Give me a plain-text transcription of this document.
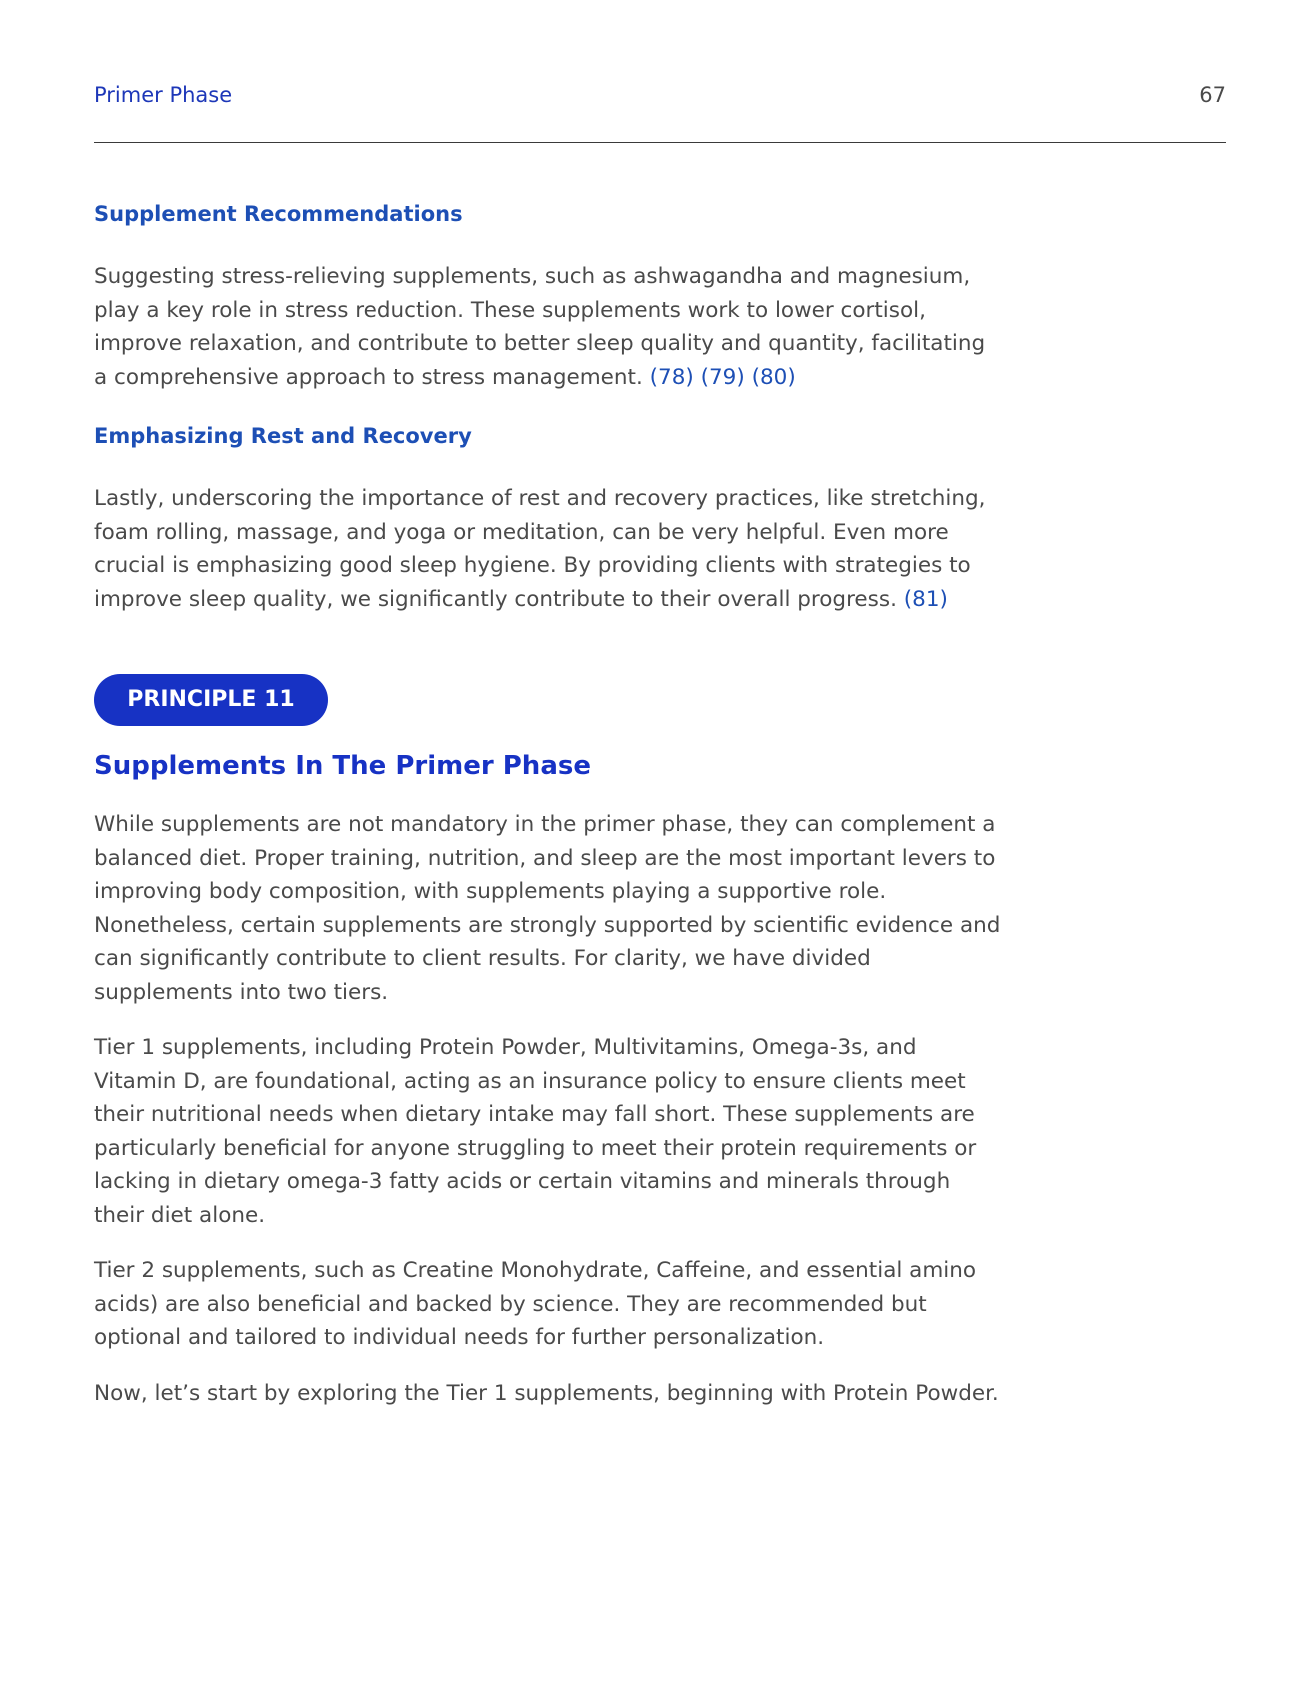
Primer Phase	67
Supplement Recommendations

Suggesting stress-relieving supplements, such as ashwagandha and magnesium, play a key role in stress reduction. These supplements work to lower cortisol, improve relaxation, and contribute to better sleep quality and quantity, facilitating a comprehensive approach to stress management. (78) (79) (80)

Emphasizing Rest and Recovery

Lastly, underscoring the importance of rest and recovery practices, like stretching, foam rolling, massage, and yoga or meditation, can be very helpful. Even more crucial is emphasizing good sleep hygiene. By providing clients with strategies to improve sleep quality, we significantly contribute to their overall progress. (81)

PRINCIPLE 11
Supplements In The Primer Phase

While supplements are not mandatory in the primer phase, they can complement a balanced diet. Proper training, nutrition, and sleep are the most important levers to improving body composition, with supplements playing a supportive role. Nonetheless, certain supplements are strongly supported by scientific evidence and can significantly contribute to client results. For clarity, we have divided supplements into two tiers.

Tier 1 supplements, including Protein Powder, Multivitamins, Omega-3s, and Vitamin D, are foundational, acting as an insurance policy to ensure clients meet their nutritional needs when dietary intake may fall short. These supplements are particularly beneficial for anyone struggling to meet their protein requirements or lacking in dietary omega-3 fatty acids or certain vitamins and minerals through their diet alone.

Tier 2 supplements, such as Creatine Monohydrate, Caffeine, and essential amino acids) are also beneficial and backed by science. They are recommended but optional and tailored to individual needs for further personalization.

Now, let’s start by exploring the Tier 1 supplements, beginning with Protein Powder.
